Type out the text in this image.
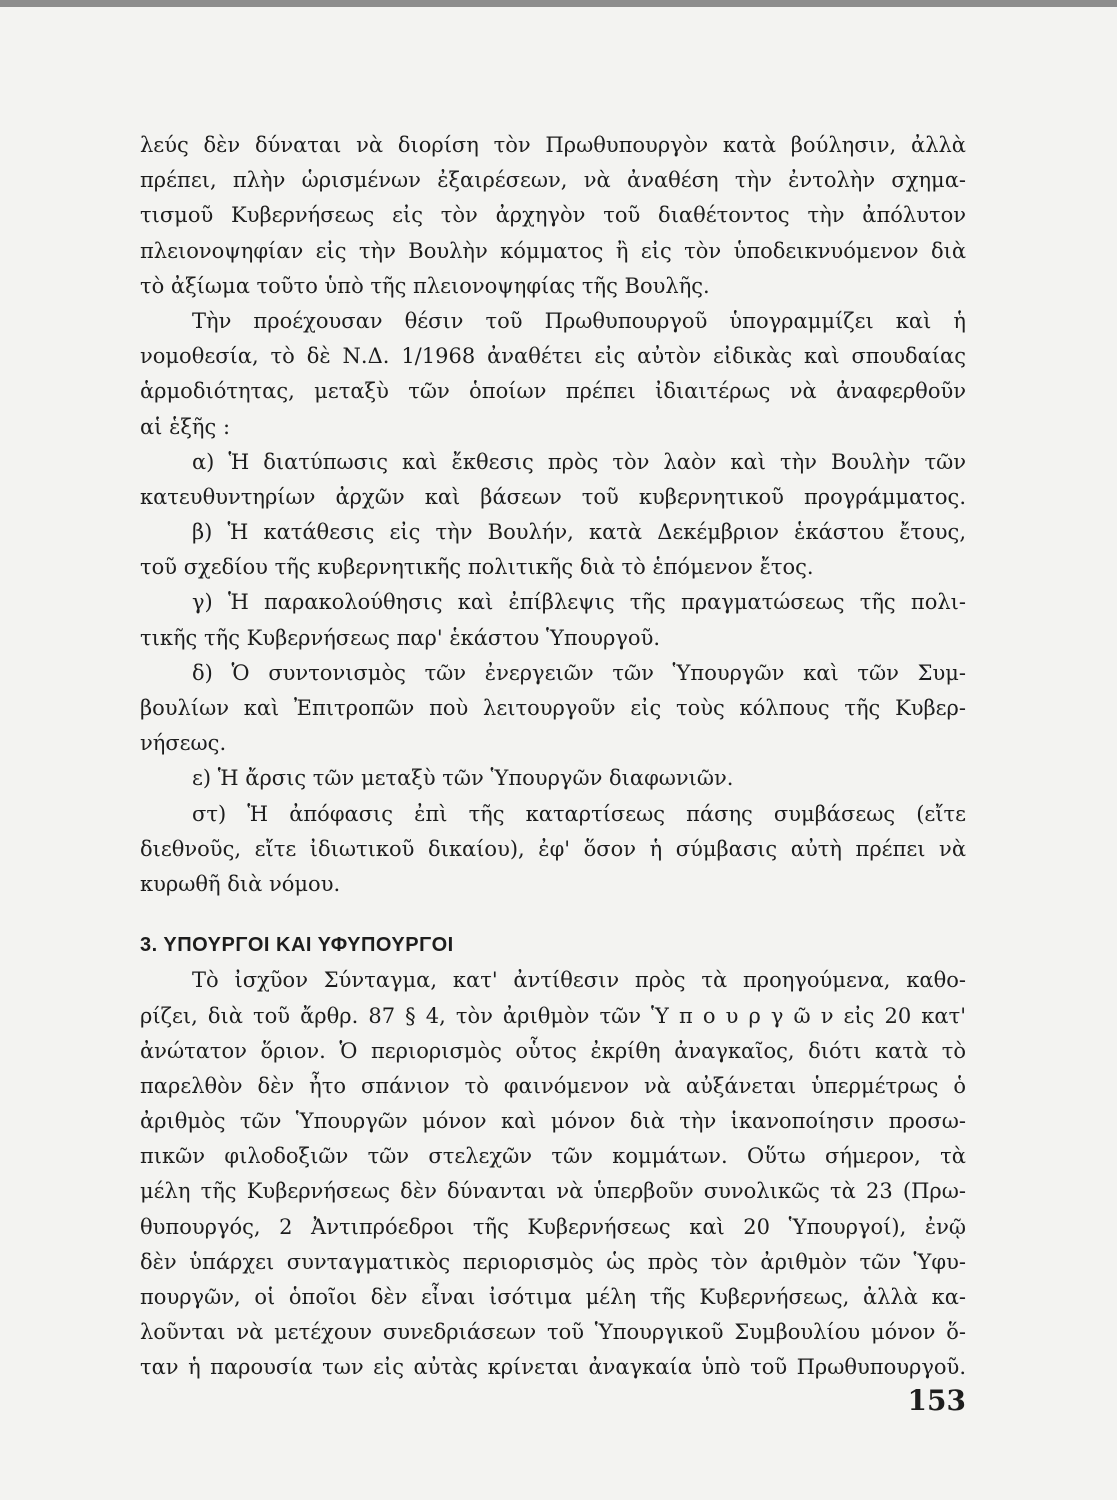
λεύς δὲν δύναται νὰ διορίση τὸν Πρωθυπουργὸν κατὰ βούλησιν, ἀλλὰ
πρέπει, πλὴν ὡρισμένων ἐξαιρέσεων, νὰ ἀναθέση τὴν ἐντολὴν σχημα-
τισμοῦ Κυβερνήσεως εἰς τὸν ἀρχηγὸν τοῦ διαθέτοντος τὴν ἀπόλυτον
πλειονοψηφίαν εἰς τὴν Βουλὴν κόμματος ἢ εἰς τὸν ὑποδεικνυόμενον διὰ
τὸ ἀξίωμα τοῦτο ὑπὸ τῆς πλειονοψηφίας τῆς Βουλῆς.
Τὴν προέχουσαν θέσιν τοῦ Πρωθυπουργοῦ ὑπογραμμίζει καὶ ἡ
νομοθεσία, τὸ δὲ Ν.Δ. 1/1968 ἀναθέτει εἰς αὐτὸν εἰδικὰς καὶ σπουδαίας
ἁρμοδιότητας, μεταξὺ τῶν ὁποίων πρέπει ἰδιαιτέρως νὰ ἀναφερθοῦν
αἱ ἑξῆς :
α) Ἡ διατύπωσις καὶ ἔκθεσις πρὸς τὸν λαὸν καὶ τὴν Βουλὴν τῶν
κατευθυντηρίων ἀρχῶν καὶ βάσεων τοῦ κυβερνητικοῦ προγράμματος.
β) Ἡ κατάθεσις εἰς τὴν Βουλήν, κατὰ Δεκέμβριον ἑκάστου ἔτους,
τοῦ σχεδίου τῆς κυβερνητικῆς πολιτικῆς διὰ τὸ ἑπόμενον ἔτος.
γ) Ἡ παρακολούθησις καὶ ἐπίβλεψις τῆς πραγματώσεως τῆς πολι-
τικῆς τῆς Κυβερνήσεως παρ' ἑκάστου Ὑπουργοῦ.
δ) Ὁ συντονισμὸς τῶν ἐνεργειῶν τῶν Ὑπουργῶν καὶ τῶν Συμ-
βουλίων καὶ Ἐπιτροπῶν ποὺ λειτουργοῦν εἰς τοὺς κόλπους τῆς Κυβερ-
νήσεως.
ε) Ἡ ἄρσις τῶν μεταξὺ τῶν Ὑπουργῶν διαφωνιῶν.
στ) Ἡ ἀπόφασις ἐπὶ τῆς καταρτίσεως πάσης συμβάσεως (εἴτε
διεθνοῦς, εἴτε ἰδιωτικοῦ δικαίου), ἐφ' ὅσον ἡ σύμβασις αὐτὴ πρέπει νὰ
κυρωθῆ διὰ νόμου.
3. ΥΠΟΥΡΓΟΙ ΚΑΙ ΥΦΥΠΟΥΡΓΟΙ
Τὸ ἰσχῦον Σύνταγμα, κατ' ἀντίθεσιν πρὸς τὰ προηγούμενα, καθο-
ρίζει, διὰ τοῦ ἄρθρ. 87 § 4, τὸν ἀριθμὸν τῶν Ὑ π ο υ ρ γ ῶ ν εἰς 20 κατ'
ἀνώτατον ὅριον. Ὁ περιορισμὸς οὗτος ἐκρίθη ἀναγκαῖος, διότι κατὰ τὸ
παρελθὸν δὲν ἦτο σπάνιον τὸ φαινόμενον νὰ αὐξάνεται ὑπερμέτρως ὁ
ἀριθμὸς τῶν Ὑπουργῶν μόνον καὶ μόνον διὰ τὴν ἱκανοποίησιν προσω-
πικῶν φιλοδοξιῶν τῶν στελεχῶν τῶν κομμάτων. Οὕτω σήμερον, τὰ
μέλη τῆς Κυβερνήσεως δὲν δύνανται νὰ ὑπερβοῦν συνολικῶς τὰ 23 (Πρω-
θυπουργός, 2 Ἀντιπρόεδροι τῆς Κυβερνήσεως καὶ 20 Ὑπουργοί), ἐνῷ
δὲν ὑπάρχει συνταγματικὸς περιορισμὸς ὡς πρὸς τὸν ἀριθμὸν τῶν Ὑφυ-
πουργῶν, οἱ ὁποῖοι δὲν εἶναι ἰσότιμα μέλη τῆς Κυβερνήσεως, ἀλλὰ κα-
λοῦνται νὰ μετέχουν συνεδριάσεων τοῦ Ὑπουργικοῦ Συμβουλίου μόνον ὅ-
ταν ἡ παρουσία των εἰς αὐτὰς κρίνεται ἀναγκαία ὑπὸ τοῦ Πρωθυπουργοῦ.
153
